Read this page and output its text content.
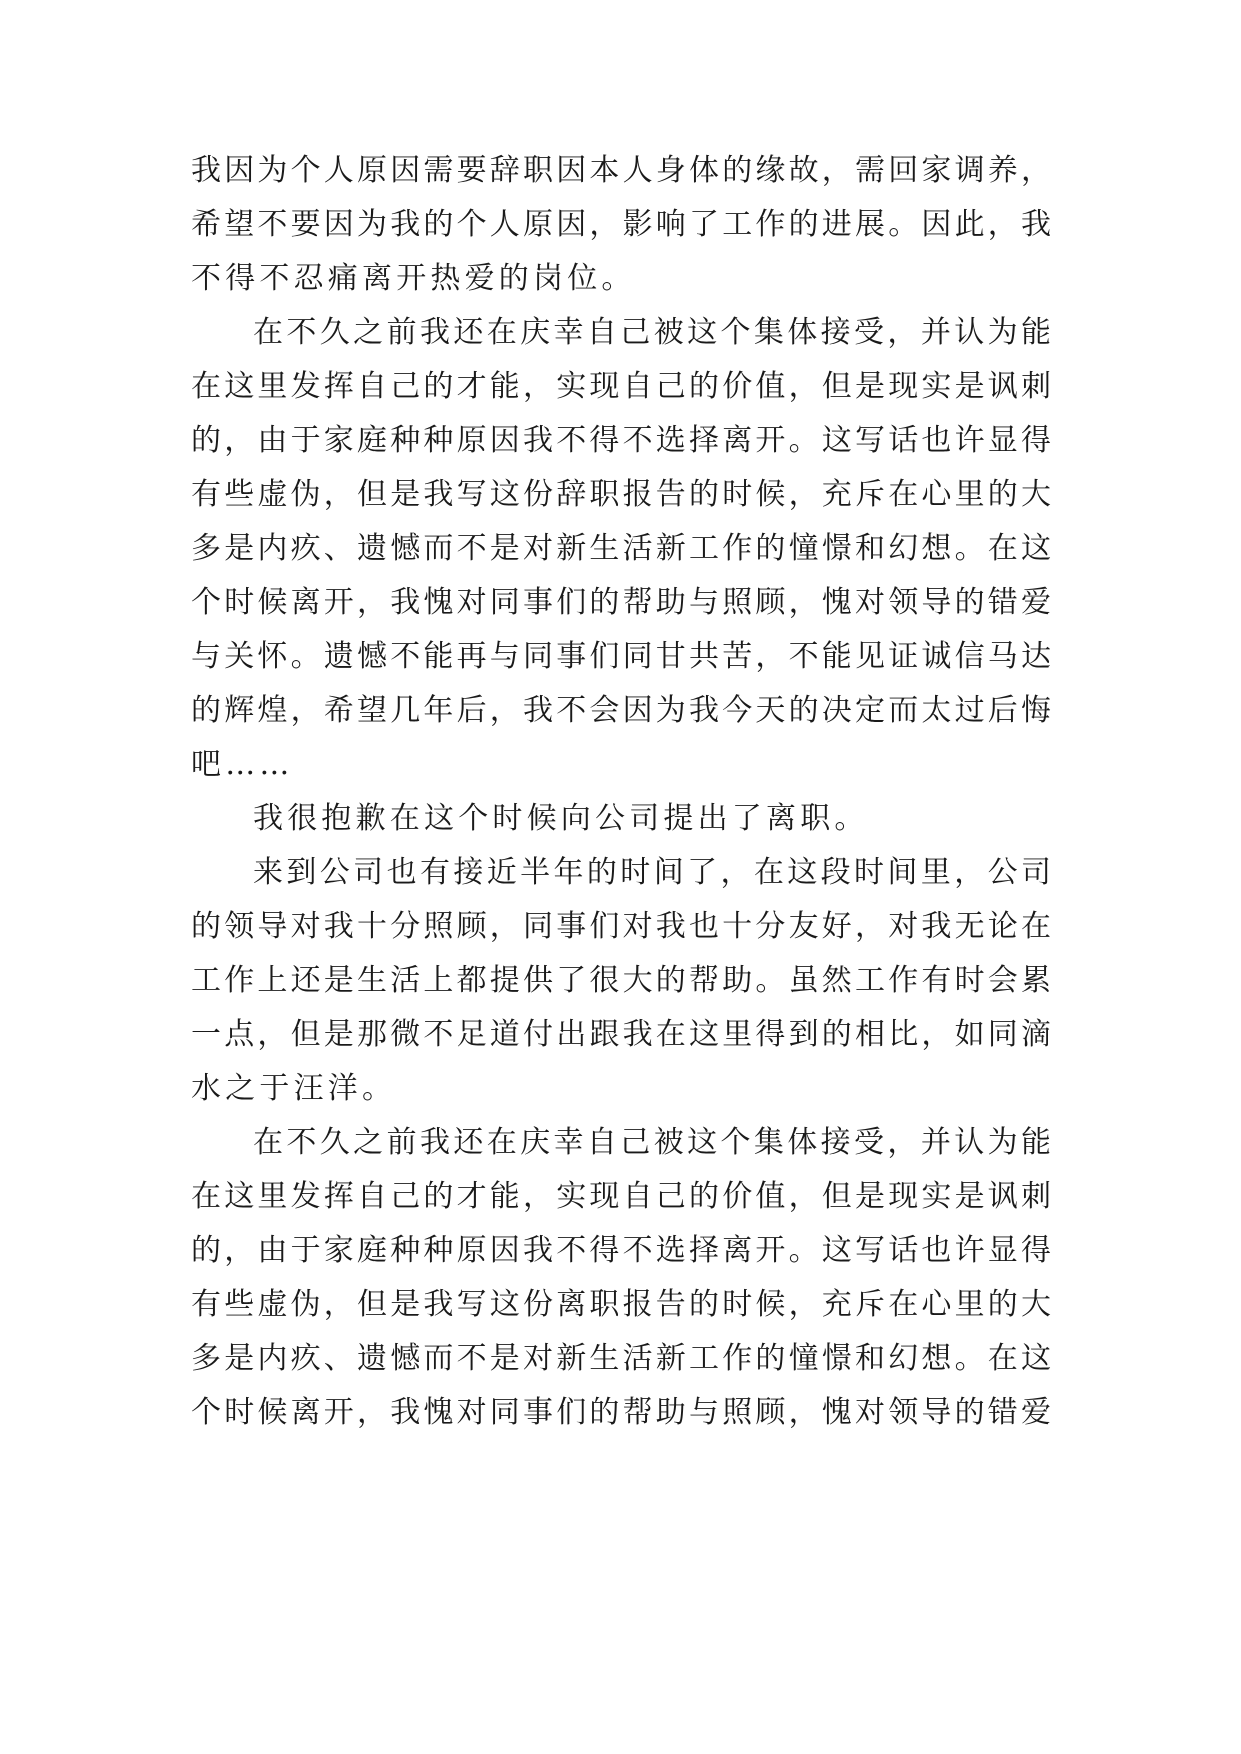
我因为个人原因需要辞职因本人身体的缘故，需回家调养，
希望不要因为我的个人原因，影响了工作的进展。因此，我
不得不忍痛离开热爱的岗位。
在不久之前我还在庆幸自己被这个集体接受，并认为能
在这里发挥自己的才能，实现自己的价值，但是现实是讽刺
的，由于家庭种种原因我不得不选择离开。这写话也许显得
有些虚伪，但是我写这份辞职报告的时候，充斥在心里的大
多是内疚、遗憾而不是对新生活新工作的憧憬和幻想。在这
个时候离开，我愧对同事们的帮助与照顾，愧对领导的错爱
与关怀。遗憾不能再与同事们同甘共苦，不能见证诚信马达
的辉煌，希望几年后，我不会因为我今天的决定而太过后悔
吧……
我很抱歉在这个时候向公司提出了离职。
来到公司也有接近半年的时间了，在这段时间里，公司
的领导对我十分照顾，同事们对我也十分友好，对我无论在
工作上还是生活上都提供了很大的帮助。虽然工作有时会累
一点，但是那微不足道付出跟我在这里得到的相比，如同滴
水之于汪洋。
在不久之前我还在庆幸自己被这个集体接受，并认为能
在这里发挥自己的才能，实现自己的价值，但是现实是讽刺
的，由于家庭种种原因我不得不选择离开。这写话也许显得
有些虚伪，但是我写这份离职报告的时候，充斥在心里的大
多是内疚、遗憾而不是对新生活新工作的憧憬和幻想。在这
个时候离开，我愧对同事们的帮助与照顾，愧对领导的错爱
